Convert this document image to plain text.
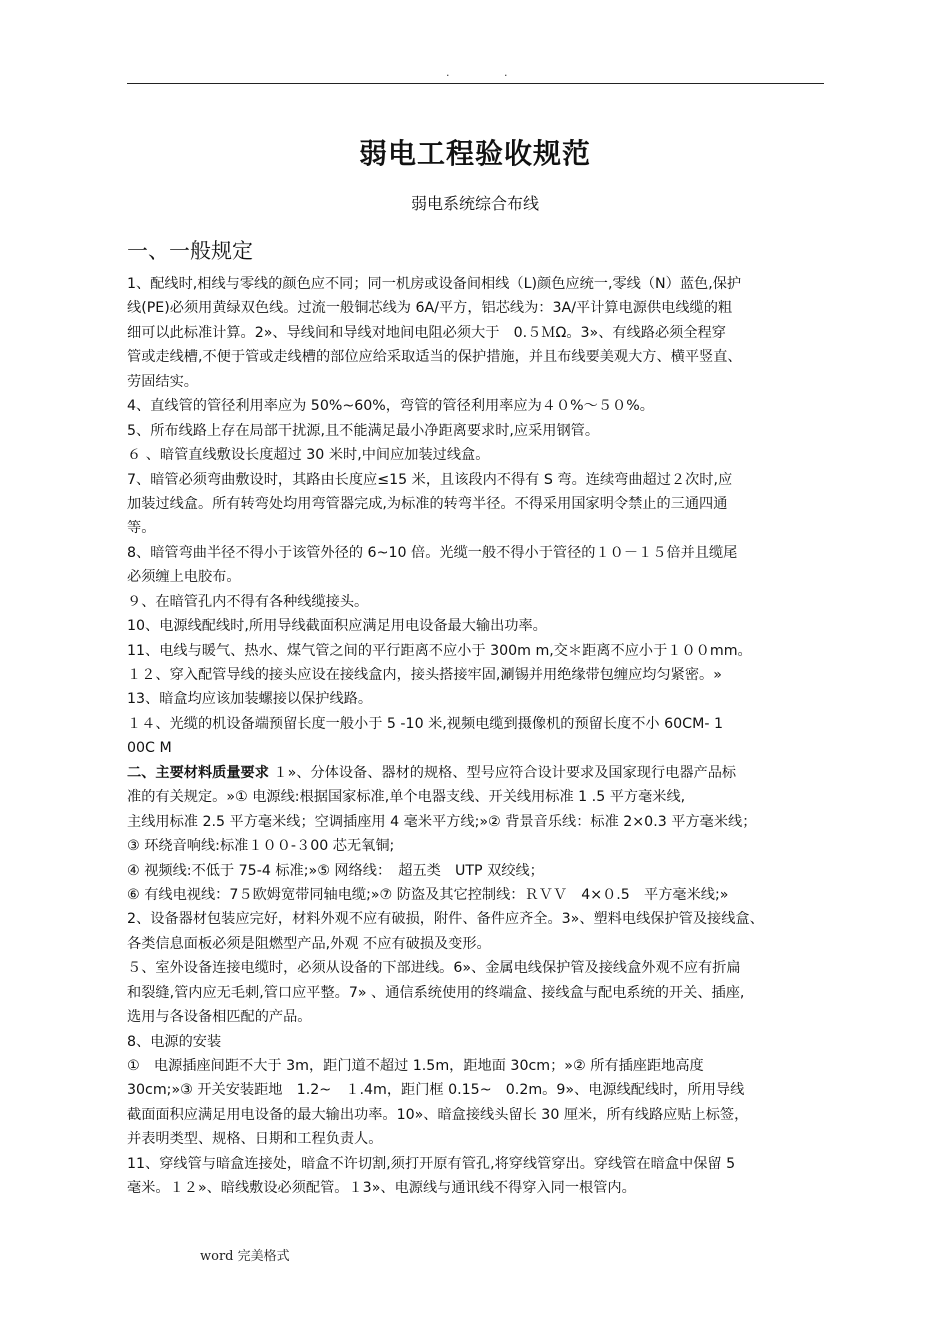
.	.
弱电工程验收规范
弱电系统综合布线
一、一般规定
1、配线时,相线与零线的颜色应不同；同一机房或设备间相线（L)颜色应统一,零线（N）蓝色,保护
线(PE)必须用黄绿双色线。过流一般铜芯线为 6A/平方，铝芯线为：3A/平计算电源供电线缆的粗
细可以此标准计算。2»、导线间和导线对地间电阻必须大于　0.５ＭΩ。3»、有线路必须全程穿
管或走线槽,不便于管或走线槽的部位应给采取适当的保护措施，并且布线要美观大方、横平竖直、
劳固结实。
4、直线管的管径利用率应为 50%~60%，弯管的管径利用率应为４０%～５０%。
5、所布线路上存在局部干扰源,且不能满足最小净距离要求时,应采用钢管。
６ 、暗管直线敷设长度超过 30 米时,中间应加装过线盒。
7、暗管必须弯曲敷设时，其路由长度应≤15 米，且该段内不得有 S 弯。连续弯曲超过２次时,应
加装过线盒。所有转弯处均用弯管器完成,为标准的转弯半径。不得采用国家明令禁止的三通四通
等。
8、暗管弯曲半径不得小于该管外径的 6~10 倍。光缆一般不得小于管径的１０－１５倍并且缆尾
必须缠上电胶布。
９、在暗管孔内不得有各种线缆接头。
10、电源线配线时,所用导线截面积应满足用电设备最大输出功率。
11、电线与暖气、热水、煤气管之间的平行距离不应小于 300m m,交＊距离不应小于１００mm。
１２、穿入配管导线的接头应设在接线盒内，接头搭接牢固,涮锡并用绝缘带包缠应均匀紧密。»
13、暗盒均应该加装螺接以保护线路。
１４、光缆的机设备端预留长度一般小于 5 -10 米,视频电缆到摄像机的预留长度不小 60CM- 1
00C M
二、主要材料质量要求 １»、分体设备、器材的规格、型号应符合设计要求及国家现行电器产品标
准的有关规定。»① 电源线:根据国家标准,单个电器支线、开关线用标准 1 .5 平方毫米线,
主线用标准 2.5 平方毫米线；空调插座用 4 毫米平方线;»② 背景音乐线：标准 2×0.3 平方毫米线；
③ 环绕音响线:标准１００-３00 芯无氧铜;
④ 视频线:不低于 75-4 标准;»⑤ 网络线：　超五类　UTP 双绞线；
⑥ 有线电视线：7５欧姆宽带同轴电缆;»⑦ 防盗及其它控制线：ＲＶＶ　4×０.5　平方毫米线;»
2、设备器材包装应完好，材料外观不应有破损，附件、备件应齐全。3»、塑料电线保护管及接线盒、
各类信息面板必须是阻燃型产品,外观 不应有破损及变形。
５、室外设备连接电缆时，必须从设备的下部进线。6»、金属电线保护管及接线盒外观不应有折扁
和裂缝,管内应无毛刺,管口应平整。7» 、通信系统使用的终端盒、接线盒与配电系统的开关、插座,
选用与各设备相匹配的产品。
8、电源的安装
①　电源插座间距不大于 3m，距门道不超过 1.5m，距地面 30cm；»② 所有插座距地高度
30cm;»③ 开关安装距地　1.2~　１.4m，距门框 0.15~　0.2m。9»、电源线配线时，所用导线
截面面积应满足用电设备的最大输出功率。10»、暗盒接线头留长 30 厘米，所有线路应贴上标签，
并表明类型、规格、日期和工程负责人。
11、穿线管与暗盒连接处，暗盒不许切割,须打开原有管孔,将穿线管穿出。穿线管在暗盒中保留 5
毫米。１２»、暗线敷设必须配管。１3»、电源线与通讯线不得穿入同一根管内。
word 完美格式
